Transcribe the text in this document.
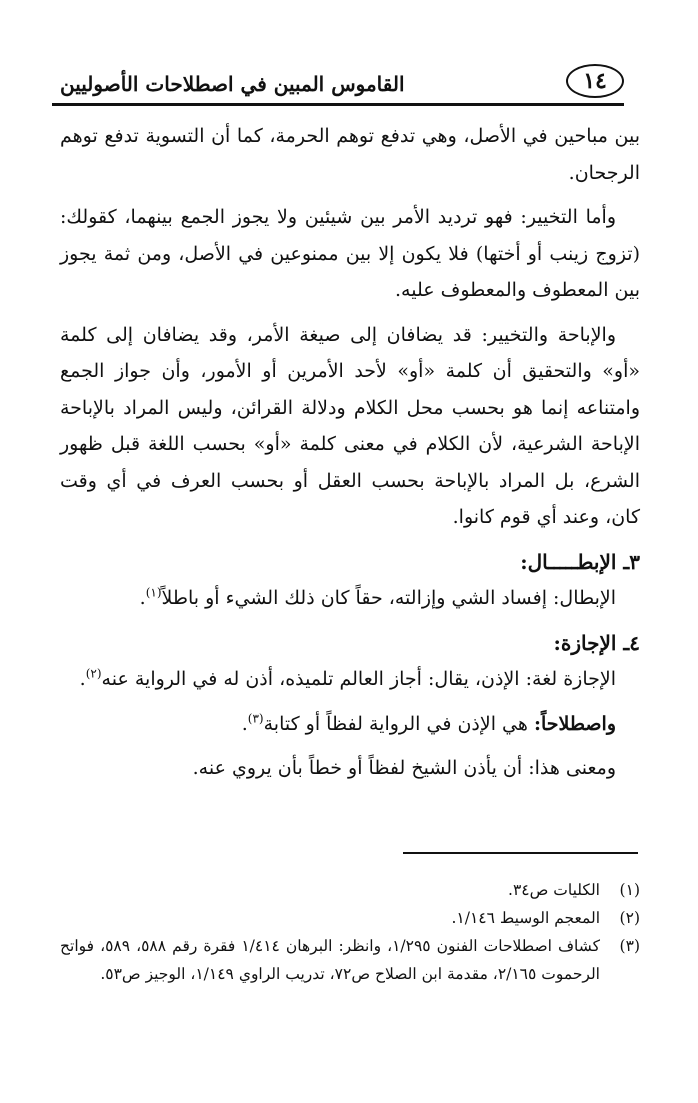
١٤
القاموس المبين في اصطلاحات الأصوليين

بين مباحين في الأصل، وهي تدفع توهم الحرمة، كما أن التسوية تدفع توهم الرجحان.

وأما التخيير: فهو ترديد الأمر بين شيئين ولا يجوز الجمع بينهما، كقولك: (تزوج زينب أو أختها) فلا يكون إلا بين ممنوعين في الأصل، ومن ثمة يجوز بين المعطوف والمعطوف عليه.

والإباحة والتخيير: قد يضافان إلى صيغة الأمر، وقد يضافان إلى كلمة «أو» والتحقيق أن كلمة «أو» لأحد الأمرين أو الأمور، وأن جواز الجمع وامتناعه إنما هو بحسب محل الكلام ودلالة القرائن، وليس المراد بالإباحة الإباحة الشرعية، لأن الكلام في معنى كلمة «أو» بحسب اللغة قبل ظهور الشرع، بل المراد بالإباحة بحسب العقل أو بحسب العرف في أي وقت كان، وعند أي قوم كانوا.

٣ـ الإبطـــــال:

الإبطال: إفساد الشي وإزالته، حقاً كان ذلك الشيء أو باطلاً$^{(١)}$.

٤ـ الإجازة:

الإجازة لغة: الإذن، يقال: أجاز العالم تلميذه، أذن له في الرواية عنه$^{(٢)}$.

واصطلاحاً: هي الإذن في الرواية لفظاً أو كتابة$^{(٣)}$.

ومعنى هذا: أن يأذن الشيخ لفظاً أو خطاً بأن يروي عنه.

(١)
الكليات ص٣٤.
(٢)
المعجم الوسيط ١/١٤٦.
(٣)
كشاف اصطلاحات الفنون ١/٢٩٥، وانظر: البرهان ١/٤١٤ فقرة رقم ٥٨٨، ٥٨٩، فواتح الرحموت ٢/١٦٥، مقدمة ابن الصلاح ص٧٢، تدريب الراوي ١/١٤٩، الوجيز ص٥٣.
